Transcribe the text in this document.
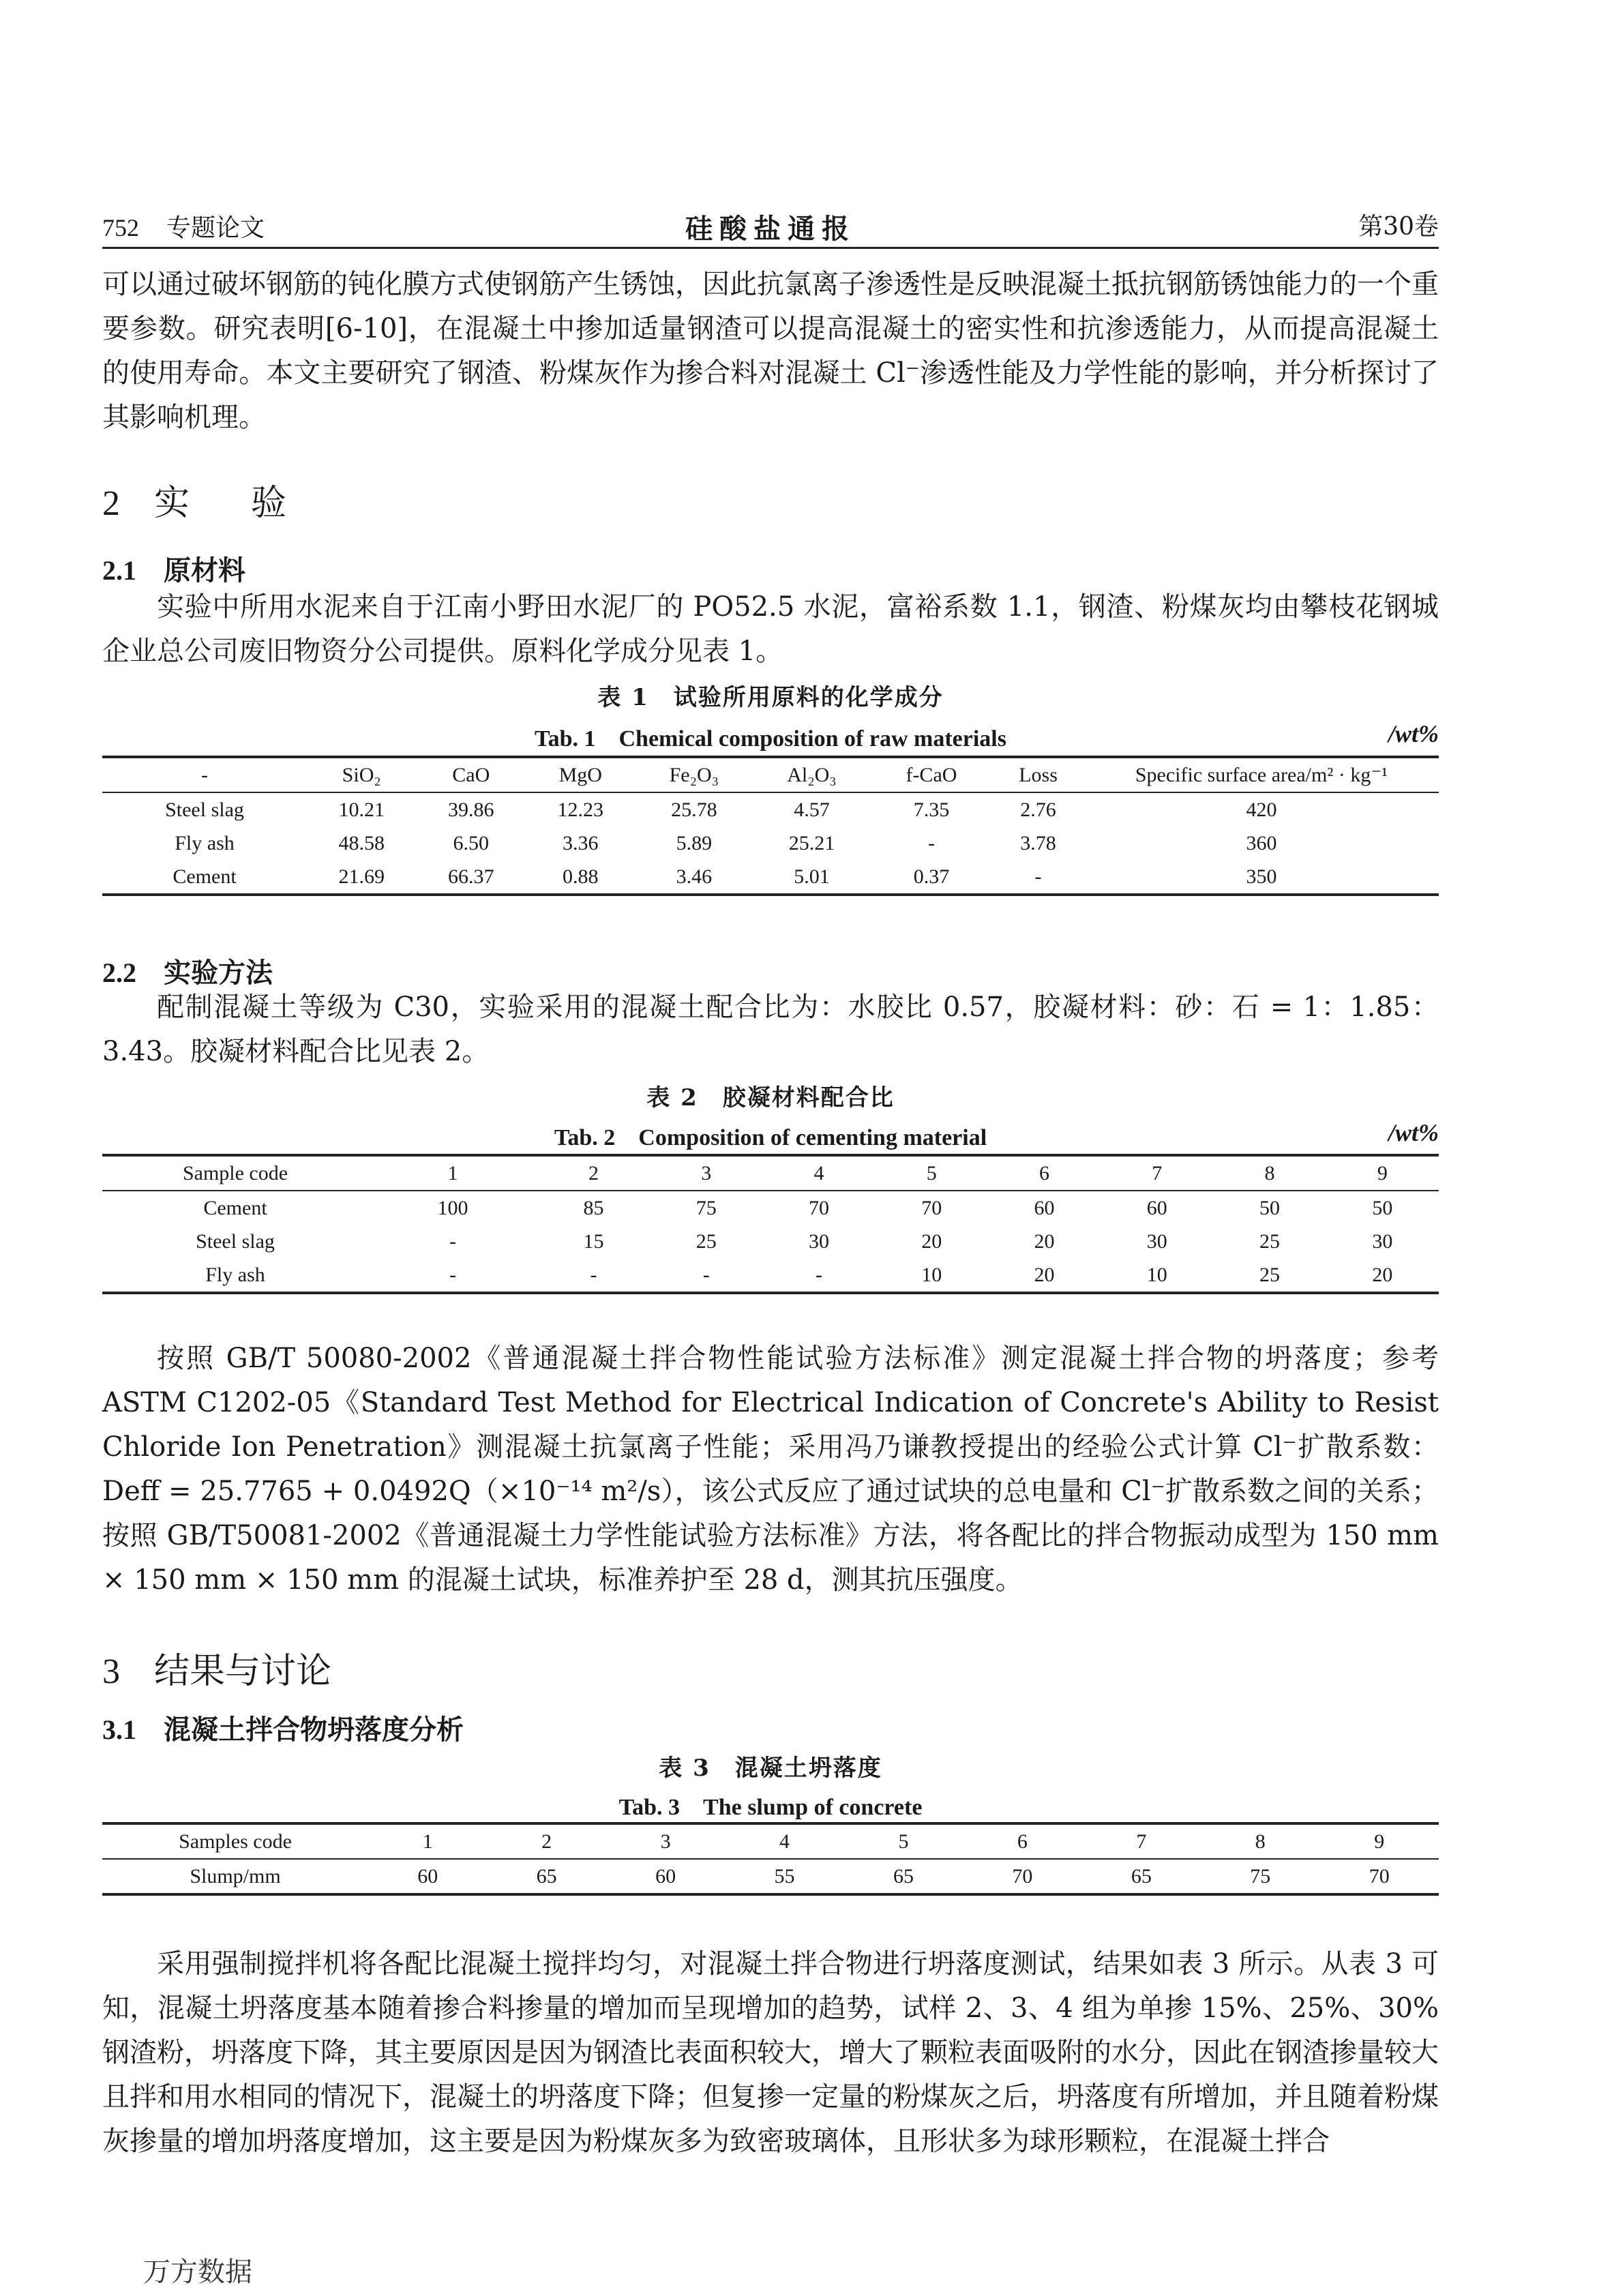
752 专题论文	硅酸盐通报	第30卷
可以通过破坏钢筋的钝化膜方式使钢筋产生锈蚀，因此抗氯离子渗透性是反映混凝土抵抗钢筋锈蚀能力的一个重要参数。研究表明[6-10]，在混凝土中掺加适量钢渣可以提高混凝土的密实性和抗渗透能力，从而提高混凝土的使用寿命。本文主要研究了钢渣、粉煤灰作为掺合料对混凝土 Cl⁻渗透性能及力学性能的影响，并分析探讨了其影响机理。
2 实验
2.1 原材料
实验中所用水泥来自于江南小野田水泥厂的 PO52.5 水泥，富裕系数 1.1，钢渣、粉煤灰均由攀枝花钢城企业总公司废旧物资分公司提供。原料化学成分见表 1。
表 1　试验所用原料的化学成分
Tab. 1　Chemical composition of raw materials	/wt%
-	SiO₂	CaO	MgO	Fe₂O₃	Al₂O₃	f-CaO	Loss	Specific surface area/m² · kg⁻¹
Steel slag	10.21	39.86	12.23	25.78	4.57	7.35	2.76	420
Fly ash	48.58	6.50	3.36	5.89	25.21	-	3.78	360
Cement	21.69	66.37	0.88	3.46	5.01	0.37	-	350
2.2 实验方法
配制混凝土等级为 C30，实验采用的混凝土配合比为：水胶比 0.57，胶凝材料：砂：石 = 1：1.85：3.43。胶凝材料配合比见表 2。
表 2　胶凝材料配合比
Tab. 2　Composition of cementing material	/wt%
Sample code	1	2	3	4	5	6	7	8	9
Cement	100	85	75	70	70	60	60	50	50
Steel slag	-	15	25	30	20	20	30	25	30
Fly ash	-	-	-	-	10	20	10	25	20
按照 GB/T 50080-2002《普通混凝土拌合物性能试验方法标准》测定混凝土拌合物的坍落度；参考 ASTM C1202-05《Standard Test Method for Electrical Indication of Concrete's Ability to Resist Chloride Ion Penetration》测混凝土抗氯离子性能；采用冯乃谦教授提出的经验公式计算 Cl⁻扩散系数：Deff = 25.7765 + 0.0492Q（×10⁻¹⁴ m²/s），该公式反应了通过试块的总电量和 Cl⁻扩散系数之间的关系；按照 GB/T50081-2002《普通混凝土力学性能试验方法标准》方法，将各配比的拌合物振动成型为 150 mm × 150 mm × 150 mm 的混凝土试块，标准养护至 28 d，测其抗压强度。
3 结果与讨论
3.1 混凝土拌合物坍落度分析
表 3　混凝土坍落度
Tab. 3　The slump of concrete
Samples code	1	2	3	4	5	6	7	8	9
Slump/mm	60	65	60	55	65	70	65	75	70
采用强制搅拌机将各配比混凝土搅拌均匀，对混凝土拌合物进行坍落度测试，结果如表 3 所示。从表 3 可知，混凝土坍落度基本随着掺合料掺量的增加而呈现增加的趋势，试样 2、3、4 组为单掺 15%、25%、30% 钢渣粉，坍落度下降，其主要原因是因为钢渣比表面积较大，增大了颗粒表面吸附的水分，因此在钢渣掺量较大且拌和用水相同的情况下，混凝土的坍落度下降；但复掺一定量的粉煤灰之后，坍落度有所增加，并且随着粉煤灰掺量的增加坍落度增加，这主要是因为粉煤灰多为致密玻璃体，且形状多为球形颗粒，在混凝土拌合
万方数据
